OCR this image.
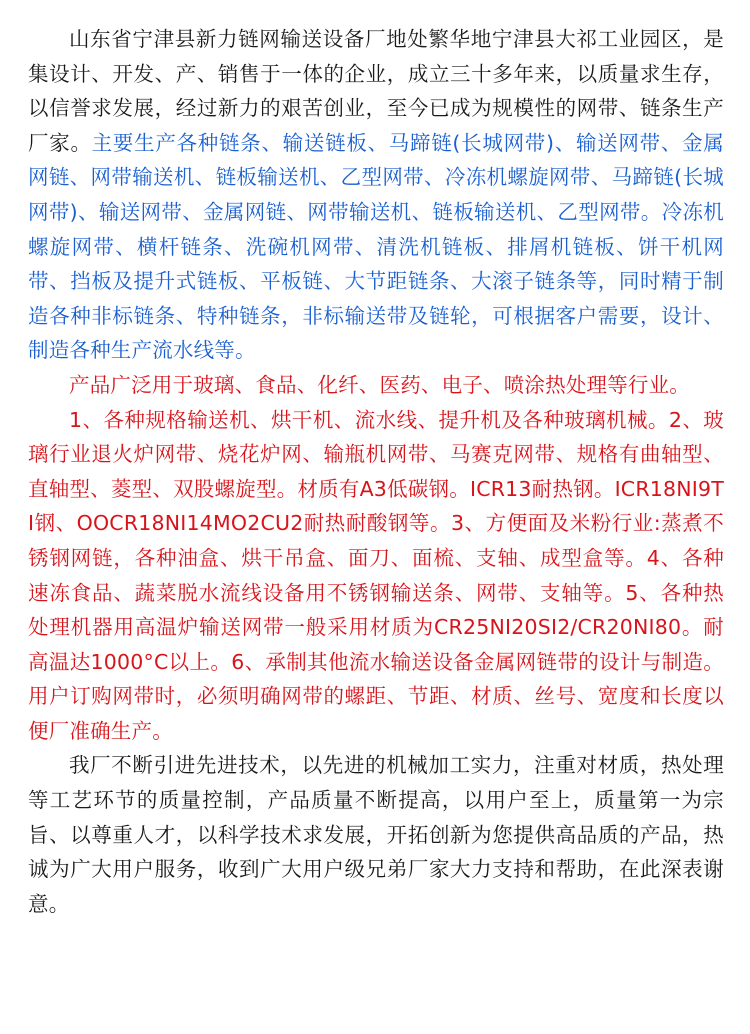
山东省宁津县新力链网输送设备厂地处繁华地宁津县大祁工业园区，是集设计、开发、产、销售于一体的企业，成立三十多年来，以质量求生存，以信誉求发展，经过新力的艰苦创业，至今已成为规模性的网带、链条生产厂家。主要生产各种链条、输送链板、马蹄链(长城网带)、输送网带、金属网链、网带输送机、链板输送机、乙型网带、冷冻机螺旋网带、马蹄链(长城网带)、输送网带、金属网链、网带输送机、链板输送机、乙型网带。冷冻机螺旋网带、横杆链条、洗碗机网带、清洗机链板、排屑机链板、饼干机网带、挡板及提升式链板、平板链、大节距链条、大滚子链条等，同时精于制造各种非标链条、特种链条，非标输送带及链轮，可根据客户需要，设计、制造各种生产流水线等。

产品广泛用于玻璃、食品、化纤、医药、电子、喷涂热处理等行业。

1、各种规格输送机、烘干机、流水线、提升机及各种玻璃机械。2、玻璃行业退火炉网带、烧花炉网、输瓶机网带、马赛克网带、规格有曲轴型、直轴型、菱型、双股螺旋型。材质有A3低碳钢。ICR13耐热钢。ICR18NI9TI钢、OOCR18NI14MO2CU2耐热耐酸钢等。3、方便面及米粉行业:蒸煮不锈钢网链，各种油盒、烘干吊盒、面刀、面梳、支轴、成型盒等。4、各种速冻食品、蔬菜脱水流线设备用不锈钢输送条、网带、支轴等。5、各种热处理机器用高温炉输送网带一般采用材质为CR25NI20SI2/CR20NI80。耐高温达1000°C以上。6、承制其他流水输送设备金属网链带的设计与制造。用户订购网带时，必须明确网带的螺距、节距、材质、丝号、宽度和长度以便厂准确生产。

我厂不断引进先进技术，以先进的机械加工实力，注重对材质，热处理等工艺环节的质量控制，产品质量不断提高，以用户至上，质量第一为宗旨、以尊重人才，以科学技术求发展，开拓创新为您提供高品质的产品，热诚为广大用户服务，收到广大用户级兄弟厂家大力支持和帮助，在此深表谢意。
